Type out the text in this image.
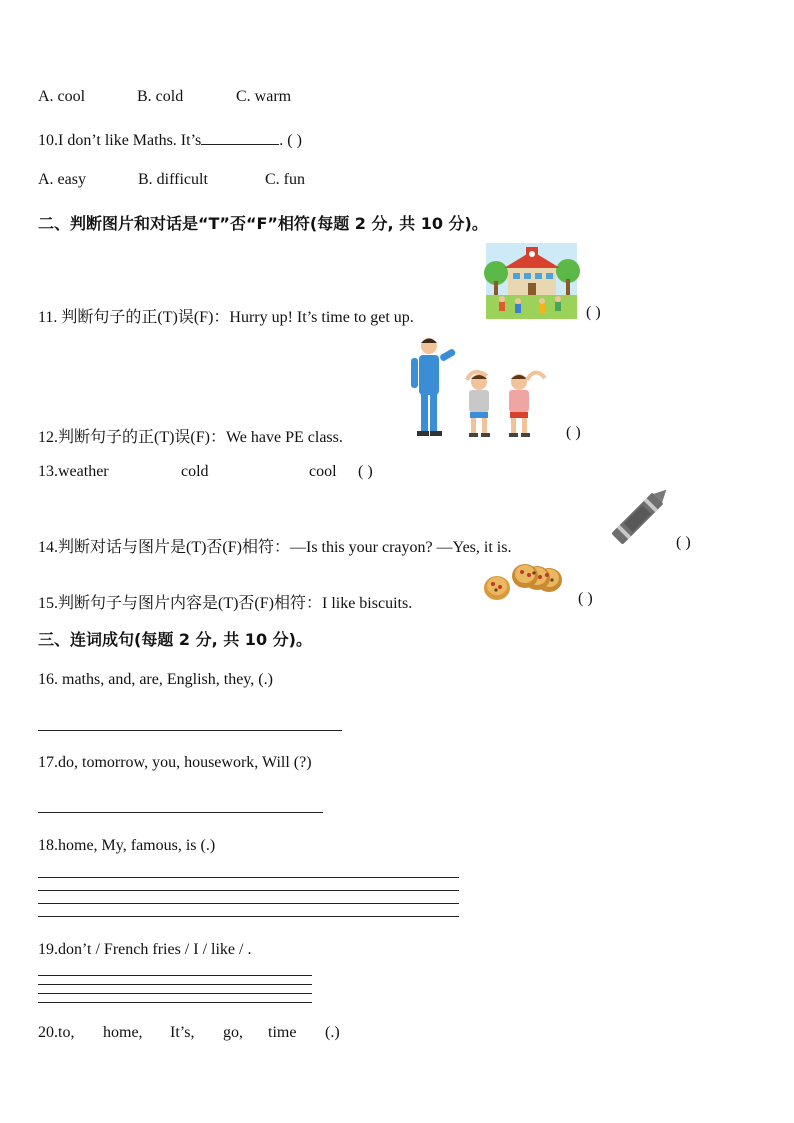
A. cool	B. cold	C. warm
10.I don’t like Maths. It’s	. ( )
A. easy	B. difficult	C. fun
二、判断图片和对话是“T”否“F”相符(每题 2 分, 共 10 分)。
11. 判断句子的正(T)误(F)：Hurry up! It’s time to get up.	( )
12.判断句子的正(T)误(F)：We have PE class.	( )
13.weather	cold	cool ( )
14.判断对话与图片是(T)否(F)相符：—Is this your crayon? —Yes, it is.	( )
15.判断句子与图片内容是(T)否(F)相符：I like biscuits.	( )
三、连词成句(每题 2 分, 共 10 分)。
16. maths, and, are, English, they, (.)
17.do, tomorrow, you, housework, Will (?)
18.home, My, famous, is (.)
19.don’t / French fries / I / like / .
20.to, home, It’s, go, time (.)
